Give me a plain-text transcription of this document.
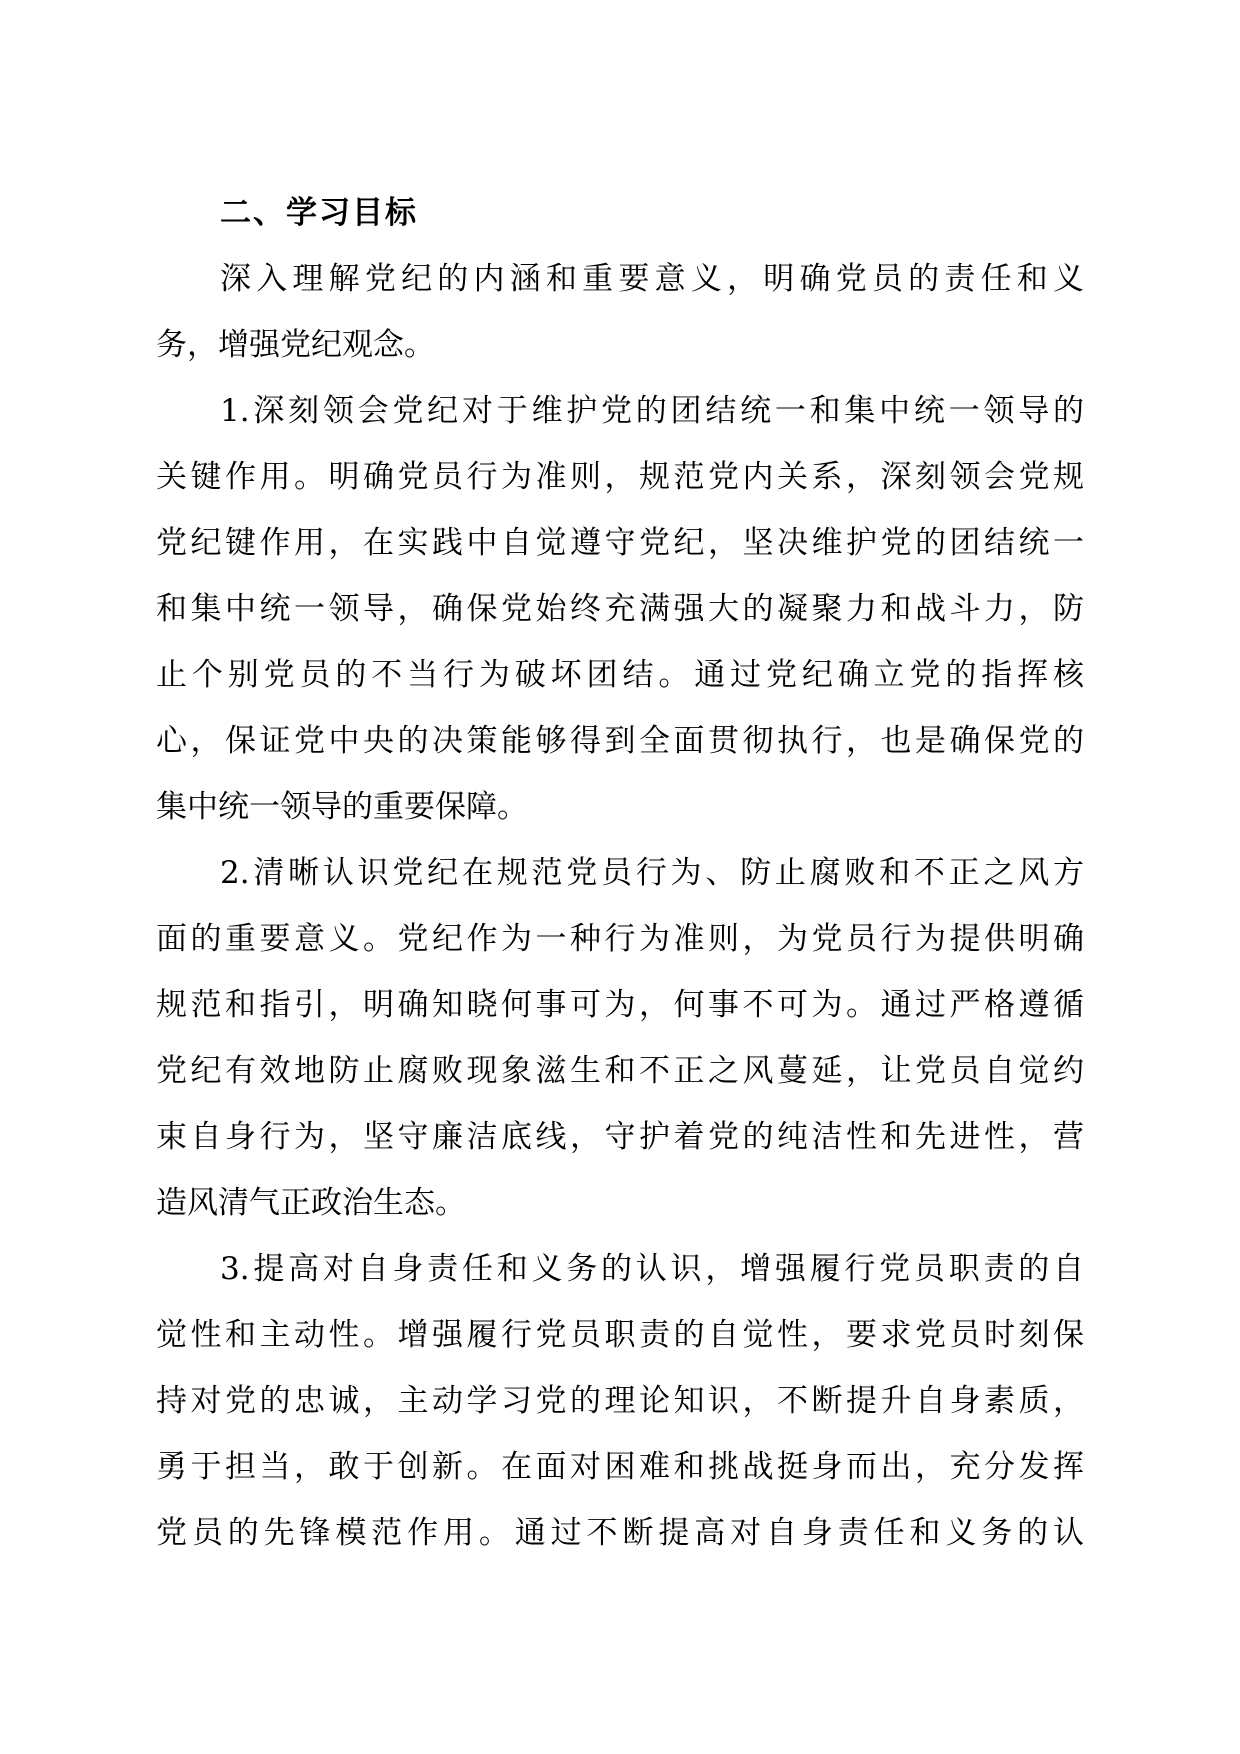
二、学习目标
深入理解党纪的内涵和重要意义，明确党员的责任和义
务，增强党纪观念。
1.深刻领会党纪对于维护党的团结统一和集中统一领导的
关键作用。明确党员行为准则，规范党内关系，深刻领会党规
党纪键作用，在实践中自觉遵守党纪，坚决维护党的团结统一
和集中统一领导，确保党始终充满强大的凝聚力和战斗力，防
止个别党员的不当行为破坏团结。通过党纪确立党的指挥核
心，保证党中央的决策能够得到全面贯彻执行，也是确保党的
集中统一领导的重要保障。
2.清晰认识党纪在规范党员行为、防止腐败和不正之风方
面的重要意义。党纪作为一种行为准则，为党员行为提供明确
规范和指引，明确知晓何事可为，何事不可为。通过严格遵循
党纪有效地防止腐败现象滋生和不正之风蔓延，让党员自觉约
束自身行为，坚守廉洁底线，守护着党的纯洁性和先进性，营
造风清气正政治生态。
3.提高对自身责任和义务的认识，增强履行党员职责的自
觉性和主动性。增强履行党员职责的自觉性，要求党员时刻保
持对党的忠诚，主动学习党的理论知识，不断提升自身素质，
勇于担当，敢于创新。在面对困难和挑战挺身而出，充分发挥
党员的先锋模范作用。通过不断提高对自身责任和义务的认
